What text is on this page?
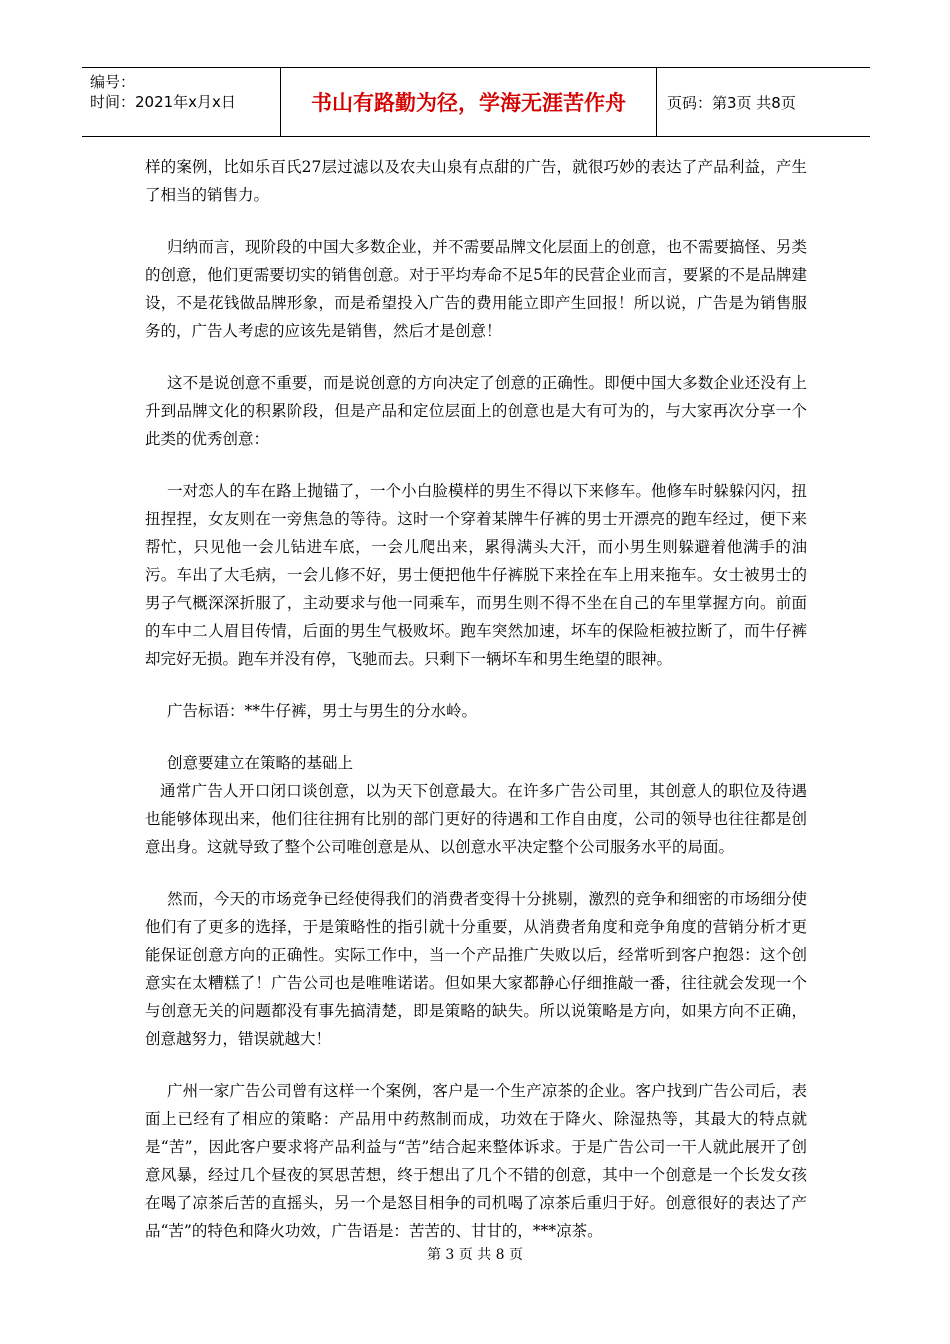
编号：
时间：2021年x月x日	书山有路勤为径，学海无涯苦作舟	页码：第3页 共8页

样的案例，比如乐百氏27层过滤以及农夫山泉有点甜的广告，就很巧妙的表达了产品利益，产生了相当的销售力。

归纳而言，现阶段的中国大多数企业，并不需要品牌文化层面上的创意，也不需要搞怪、另类的创意，他们更需要切实的销售创意。对于平均寿命不足5年的民营企业而言，要紧的不是品牌建设，不是花钱做品牌形象，而是希望投入广告的费用能立即产生回报！所以说，广告是为销售服务的，广告人考虑的应该先是销售，然后才是创意！

这不是说创意不重要，而是说创意的方向决定了创意的正确性。即便中国大多数企业还没有上升到品牌文化的积累阶段，但是产品和定位层面上的创意也是大有可为的，与大家再次分享一个此类的优秀创意：

一对恋人的车在路上抛锚了，一个小白脸模样的男生不得以下来修车。他修车时躲躲闪闪，扭扭捏捏，女友则在一旁焦急的等待。这时一个穿着某牌牛仔裤的男士开漂亮的跑车经过，便下来帮忙，只见他一会儿钻进车底，一会儿爬出来，累得满头大汗，而小男生则躲避着他满手的油污。车出了大毛病，一会儿修不好，男士便把他牛仔裤脱下来拴在车上用来拖车。女士被男士的男子气概深深折服了，主动要求与他一同乘车，而男生则不得不坐在自己的车里掌握方向。前面的车中二人眉目传情，后面的男生气极败坏。跑车突然加速，坏车的保险柜被拉断了，而牛仔裤却完好无损。跑车并没有停，飞驰而去。只剩下一辆坏车和男生绝望的眼神。

广告标语：**牛仔裤，男士与男生的分水岭。

创意要建立在策略的基础上

通常广告人开口闭口谈创意，以为天下创意最大。在许多广告公司里，其创意人的职位及待遇也能够体现出来，他们往往拥有比别的部门更好的待遇和工作自由度，公司的领导也往往都是创意出身。这就导致了整个公司唯创意是从、以创意水平决定整个公司服务水平的局面。

然而，今天的市场竞争已经使得我们的消费者变得十分挑剔，激烈的竞争和细密的市场细分使他们有了更多的选择，于是策略性的指引就十分重要，从消费者角度和竞争角度的营销分析才更能保证创意方向的正确性。实际工作中，当一个产品推广失败以后，经常听到客户抱怨：这个创意实在太糟糕了！广告公司也是唯唯诺诺。但如果大家都静心仔细推敲一番，往往就会发现一个与创意无关的问题都没有事先搞清楚，即是策略的缺失。所以说策略是方向，如果方向不正确，创意越努力，错误就越大！

广州一家广告公司曾有这样一个案例，客户是一个生产凉茶的企业。客户找到广告公司后，表面上已经有了相应的策略：产品用中药熬制而成，功效在于降火、除湿热等，其最大的特点就是“苦”，因此客户要求将产品利益与“苦”结合起来整体诉求。于是广告公司一干人就此展开了创意风暴，经过几个昼夜的冥思苦想，终于想出了几个不错的创意，其中一个创意是一个长发女孩在喝了凉茶后苦的直摇头，另一个是怒目相争的司机喝了凉茶后重归于好。创意很好的表达了产品“苦”的特色和降火功效，广告语是：苦苦的、甘甘的，***凉茶。

第 3 页 共 8 页
